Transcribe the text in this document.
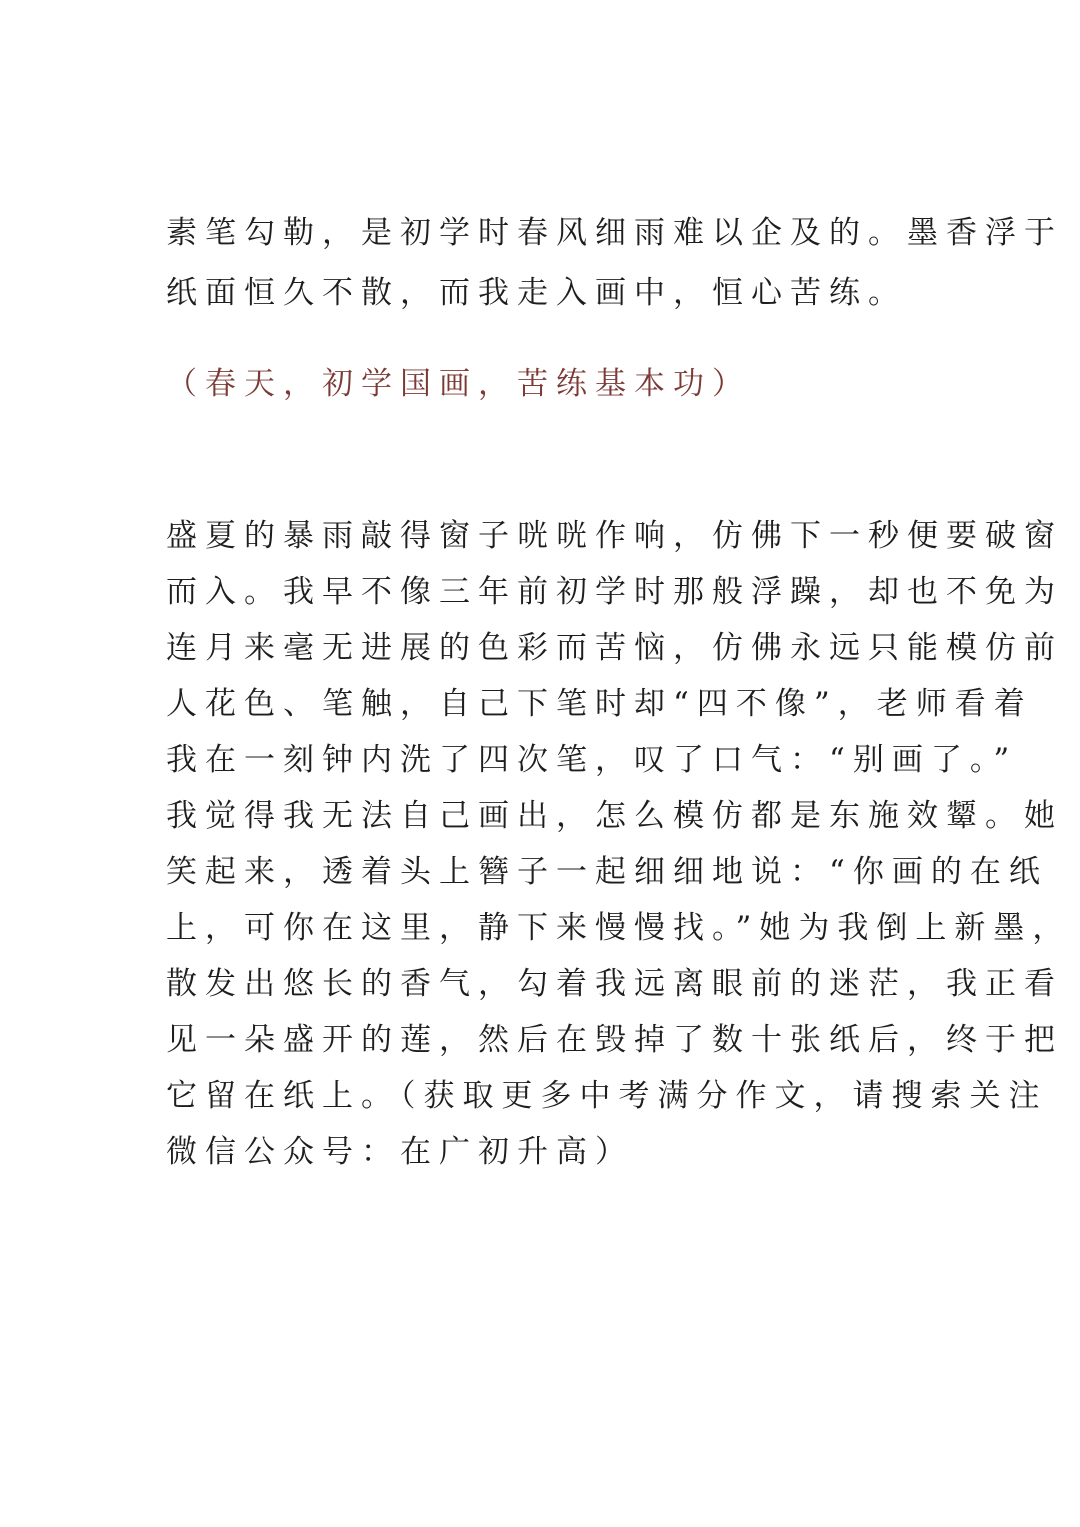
素笔勾勒，是初学时春风细雨难以企及的。墨香浮于
纸面恒久不散，而我走入画中，恒心苦练。
（春天，初学国画，苦练基本功）
盛夏的暴雨敲得窗子咣咣作响，仿佛下一秒便要破窗
而入。我早不像三年前初学时那般浮躁，却也不免为
连月来毫无进展的色彩而苦恼，仿佛永远只能模仿前
人花色、笔触，自己下笔时却“四不像”，老师看着
我在一刻钟内洗了四次笔，叹了口气：“别画了。”
我觉得我无法自己画出，怎么模仿都是东施效颦。她
笑起来，透着头上簪子一起细细地说：“你画的在纸
上，可你在这里，静下来慢慢找。”她为我倒上新墨，
散发出悠长的香气，勾着我远离眼前的迷茫，我正看
见一朵盛开的莲，然后在毁掉了数十张纸后，终于把
它留在纸上。（获取更多中考满分作文，请搜索关注
微信公众号：在广初升高）
